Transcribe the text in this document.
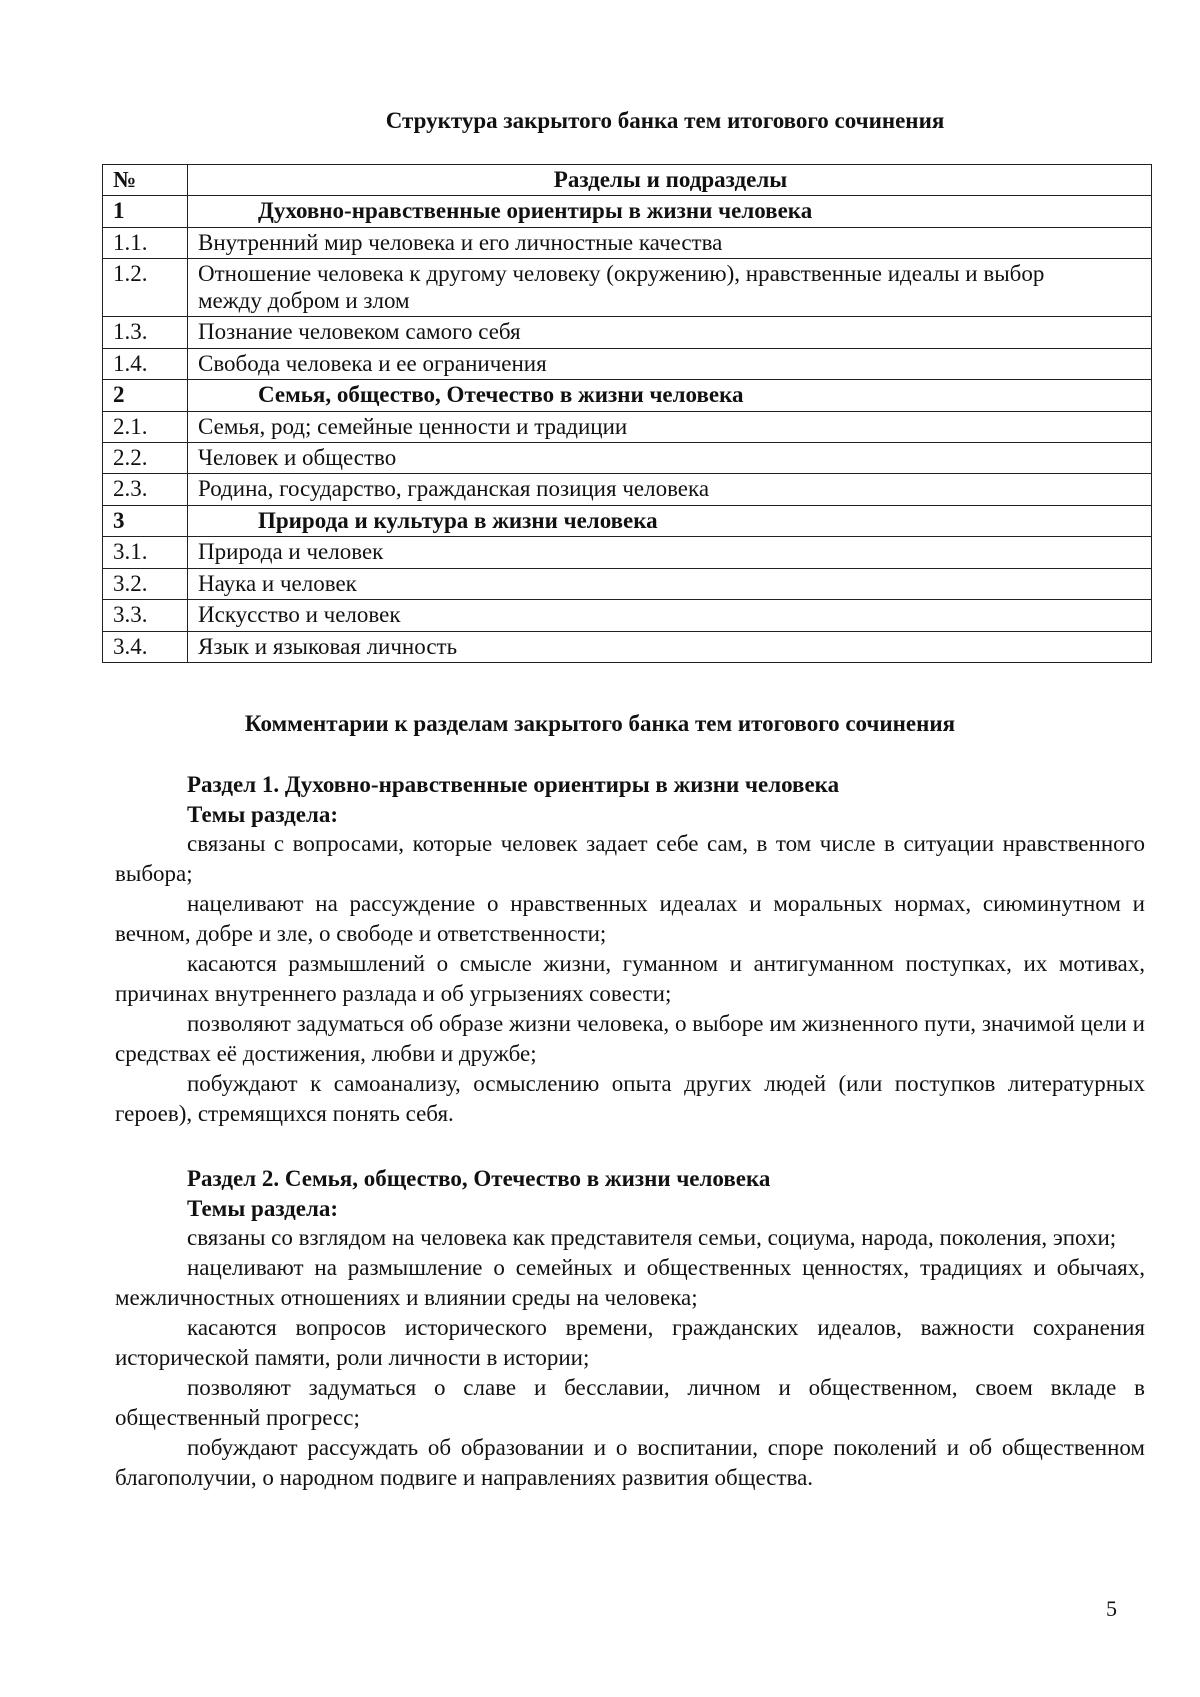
Структура закрытого банка тем итогового сочинения
№	Разделы и подразделы
1	Духовно-нравственные ориентиры в жизни человека
1.1.	Внутренний мир человека и его личностные качества
1.2.	Отношение человека к другому человеку (окружению), нравственные идеалы и выбор между добром и злом
1.3.	Познание человеком самого себя
1.4.	Свобода человека и ее ограничения
2	Семья, общество, Отечество в жизни человека
2.1.	Семья, род; семейные ценности и традиции
2.2.	Человек и общество
2.3.	Родина, государство, гражданская позиция человека
3	Природа и культура в жизни человека
3.1.	Природа и человек
3.2.	Наука и человек
3.3.	Искусство и человек
3.4.	Язык и языковая личность
Комментарии к разделам закрытого банка тем итогового сочинения
Раздел 1. Духовно-нравственные ориентиры в жизни человека
Темы раздела:

связаны с вопросами, которые человек задает себе сам, в том числе в ситуации нравственного выбора;

нацеливают на рассуждение о нравственных идеалах и моральных нормах, сиюминутном и вечном, добре и зле, о свободе и ответственности;

касаются размышлений о смысле жизни, гуманном и антигуманном поступках, их мотивах, причинах внутреннего разлада и об угрызениях совести;

позволяют задуматься об образе жизни человека, о выборе им жизненного пути, значимой цели и средствах её достижения, любви и дружбе;

побуждают к самоанализу, осмыслению опыта других людей (или поступков литературных героев), стремящихся понять себя.

Раздел 2. Семья, общество, Отечество в жизни человека
Темы раздела:

связаны со взглядом на человека как представителя семьи, социума, народа, поколения, эпохи;

нацеливают на размышление о семейных и общественных ценностях, традициях и обычаях, межличностных отношениях и влиянии среды на человека;

касаются вопросов исторического времени, гражданских идеалов, важности сохранения исторической памяти, роли личности в истории;

позволяют задуматься о славе и бесславии, личном и общественном, своем вкладе в общественный прогресс;

побуждают рассуждать об образовании и о воспитании, споре поколений и об общественном благополучии, о народном подвиге и направлениях развития общества.

5
